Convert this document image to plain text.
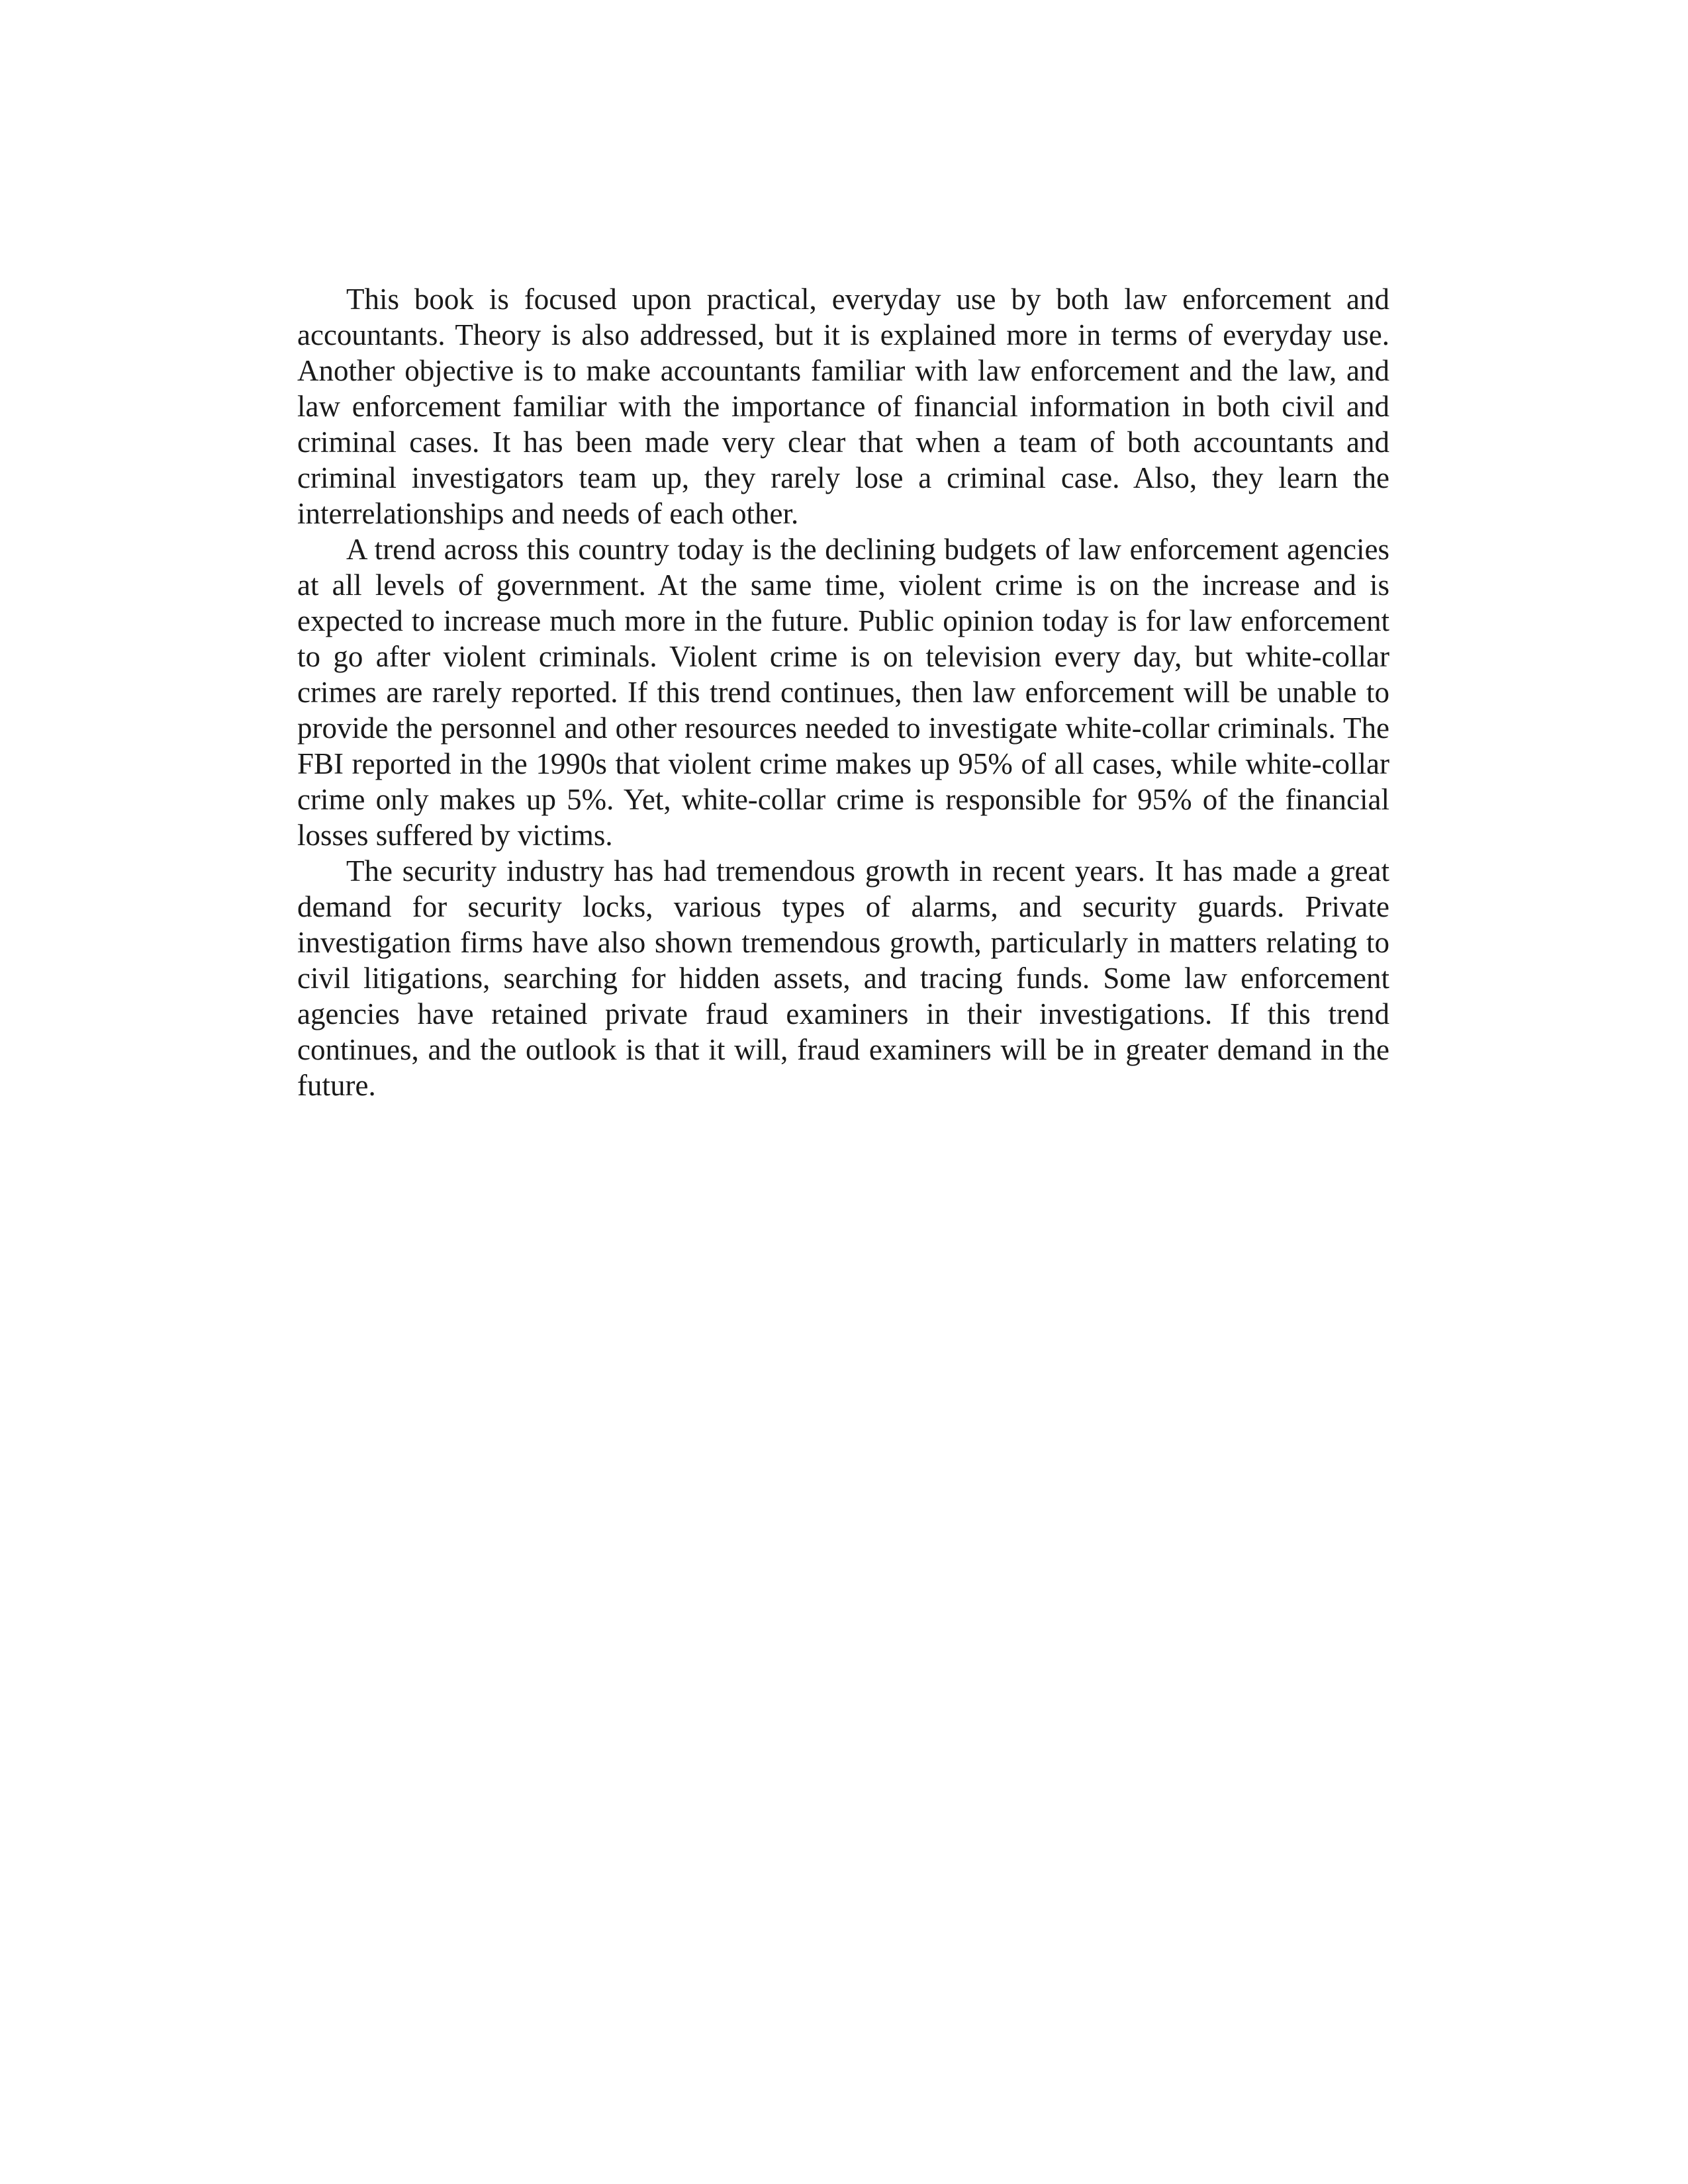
This book is focused upon practical, everyday use by both law enforcement and accountants. Theory is also addressed, but it is explained more in terms of everyday use. Another objective is to make accountants familiar with law enforcement and the law, and law enforcement familiar with the importance of financial information in both civil and criminal cases. It has been made very clear that when a team of both accountants and criminal investigators team up, they rarely lose a criminal case. Also, they learn the interrelationships and needs of each other.

A trend across this country today is the declining budgets of law enforcement agencies at all levels of government. At the same time, violent crime is on the increase and is expected to increase much more in the future. Public opinion today is for law enforcement to go after violent criminals. Violent crime is on television every day, but white-collar crimes are rarely reported. If this trend continues, then law enforcement will be unable to provide the personnel and other resources needed to investigate white-collar criminals. The FBI reported in the 1990s that violent crime makes up 95% of all cases, while white-collar crime only makes up 5%. Yet, white-collar crime is responsible for 95% of the financial losses suffered by victims.

The security industry has had tremendous growth in recent years. It has made a great demand for security locks, various types of alarms, and security guards. Private investigation firms have also shown tremendous growth, particularly in matters relating to civil litigations, searching for hidden assets, and tracing funds. Some law enforcement agencies have retained private fraud examiners in their investigations. If this trend continues, and the outlook is that it will, fraud examiners will be in greater demand in the future.
